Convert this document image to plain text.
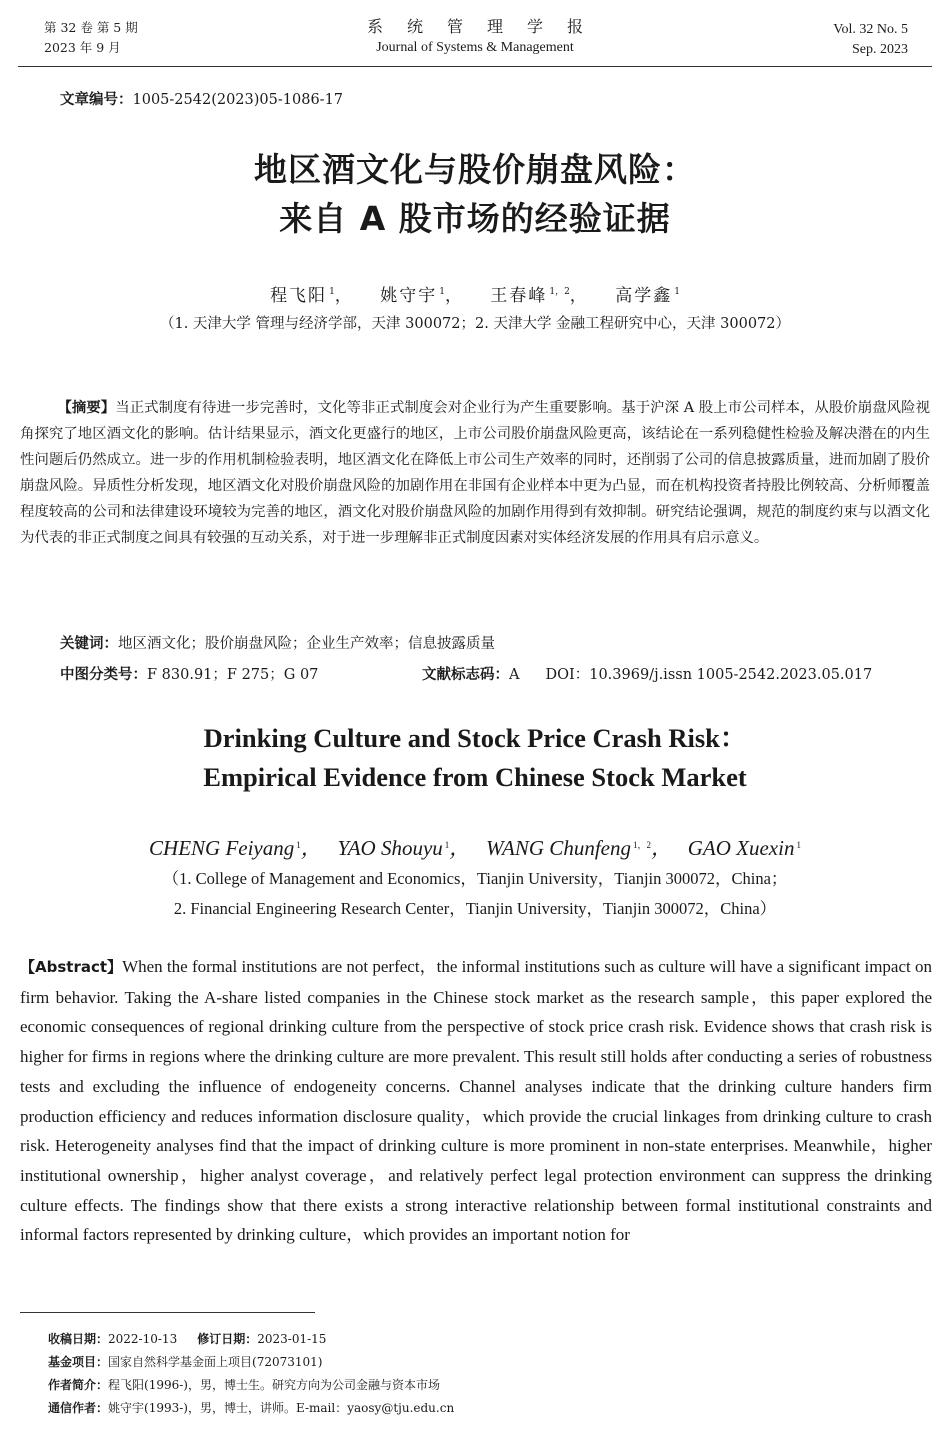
第 32 卷 第 5 期
2023 年 9 月
系统管理学报
Journal of Systems & Management
Vol. 32 No. 5
Sep. 2023
文章编号：1005-2542(2023)05-1086-17
地区酒文化与股价崩盘风险：
来自 A 股市场的经验证据
程飞阳 $^1$，  姚守宇 $^1$，  王春峰 $^{1,2}$，  高学鑫 $^1$
（1. 天津大学 管理与经济学部，天津 300072；2. 天津大学 金融工程研究中心，天津 300072）

【摘要】当正式制度有待进一步完善时，文化等非正式制度会对企业行为产生重要影响。基于沪深 A 股上市公司样本，从股价崩盘风险视角探究了地区酒文化的影响。估计结果显示，酒文化更盛行的地区，上市公司股价崩盘风险更高，该结论在一系列稳健性检验及解决潜在的内生性问题后仍然成立。进一步的作用机制检验表明，地区酒文化在降低上市公司生产效率的同时，还削弱了公司的信息披露质量，进而加剧了股价崩盘风险。异质性分析发现，地区酒文化对股价崩盘风险的加剧作用在非国有企业样本中更为凸显，而在机构投资者持股比例较高、分析师覆盖程度较高的公司和法律建设环境较为完善的地区，酒文化对股价崩盘风险的加剧作用得到有效抑制。研究结论强调，规范的制度约束与以酒文化为代表的非正式制度之间具有较强的互动关系，对于进一步理解非正式制度因素对实体经济发展的作用具有启示意义。

关键词：地区酒文化；股价崩盘风险；企业生产效率；信息披露质量
中图分类号：F 830.91；F 275；G 07	文献标志码：A DOI：10.3969/j.issn 1005-2542.2023.05.017
Drinking Culture and Stock Price Crash Risk：
Empirical Evidence from Chinese Stock Market
CHENG Feiyang $^1$，  YAO Shouyu $^1$，  WANG Chunfeng $^{1,2}$，  GAO Xuexin $^1$
（1. College of Management and Economics，Tianjin University，Tianjin 300072，China；
2. Financial Engineering Research Center，Tianjin University，Tianjin 300072，China）

【Abstract】When the formal institutions are not perfect，the informal institutions such as culture will have a significant impact on firm behavior. Taking the A-share listed companies in the Chinese stock market as the research sample，this paper explored the economic consequences of regional drinking culture from the perspective of stock price crash risk. Evidence shows that crash risk is higher for firms in regions where the drinking culture are more prevalent. This result still holds after conducting a series of robustness tests and excluding the influence of endogeneity concerns. Channel analyses indicate that the drinking culture handers firm production efficiency and reduces information disclosure quality，which provide the crucial linkages from drinking culture to crash risk. Heterogeneity analyses find that the impact of drinking culture is more prominent in non-state enterprises. Meanwhile，higher institutional ownership，higher analyst coverage，and relatively perfect legal protection environment can suppress the drinking culture effects. The findings show that there exists a strong interactive relationship between formal institutional constraints and informal factors represented by drinking culture，which provides an important notion for

收稿日期：2022-10-13 修订日期：2023-01-15
基金项目：国家自然科学基金面上项目(72073101)
作者简介：程飞阳(1996-)，男，博士生。研究方向为公司金融与资本市场
通信作者：姚守宇(1993-)，男，博士，讲师。E-mail：yaosy@tju.edu.cn
